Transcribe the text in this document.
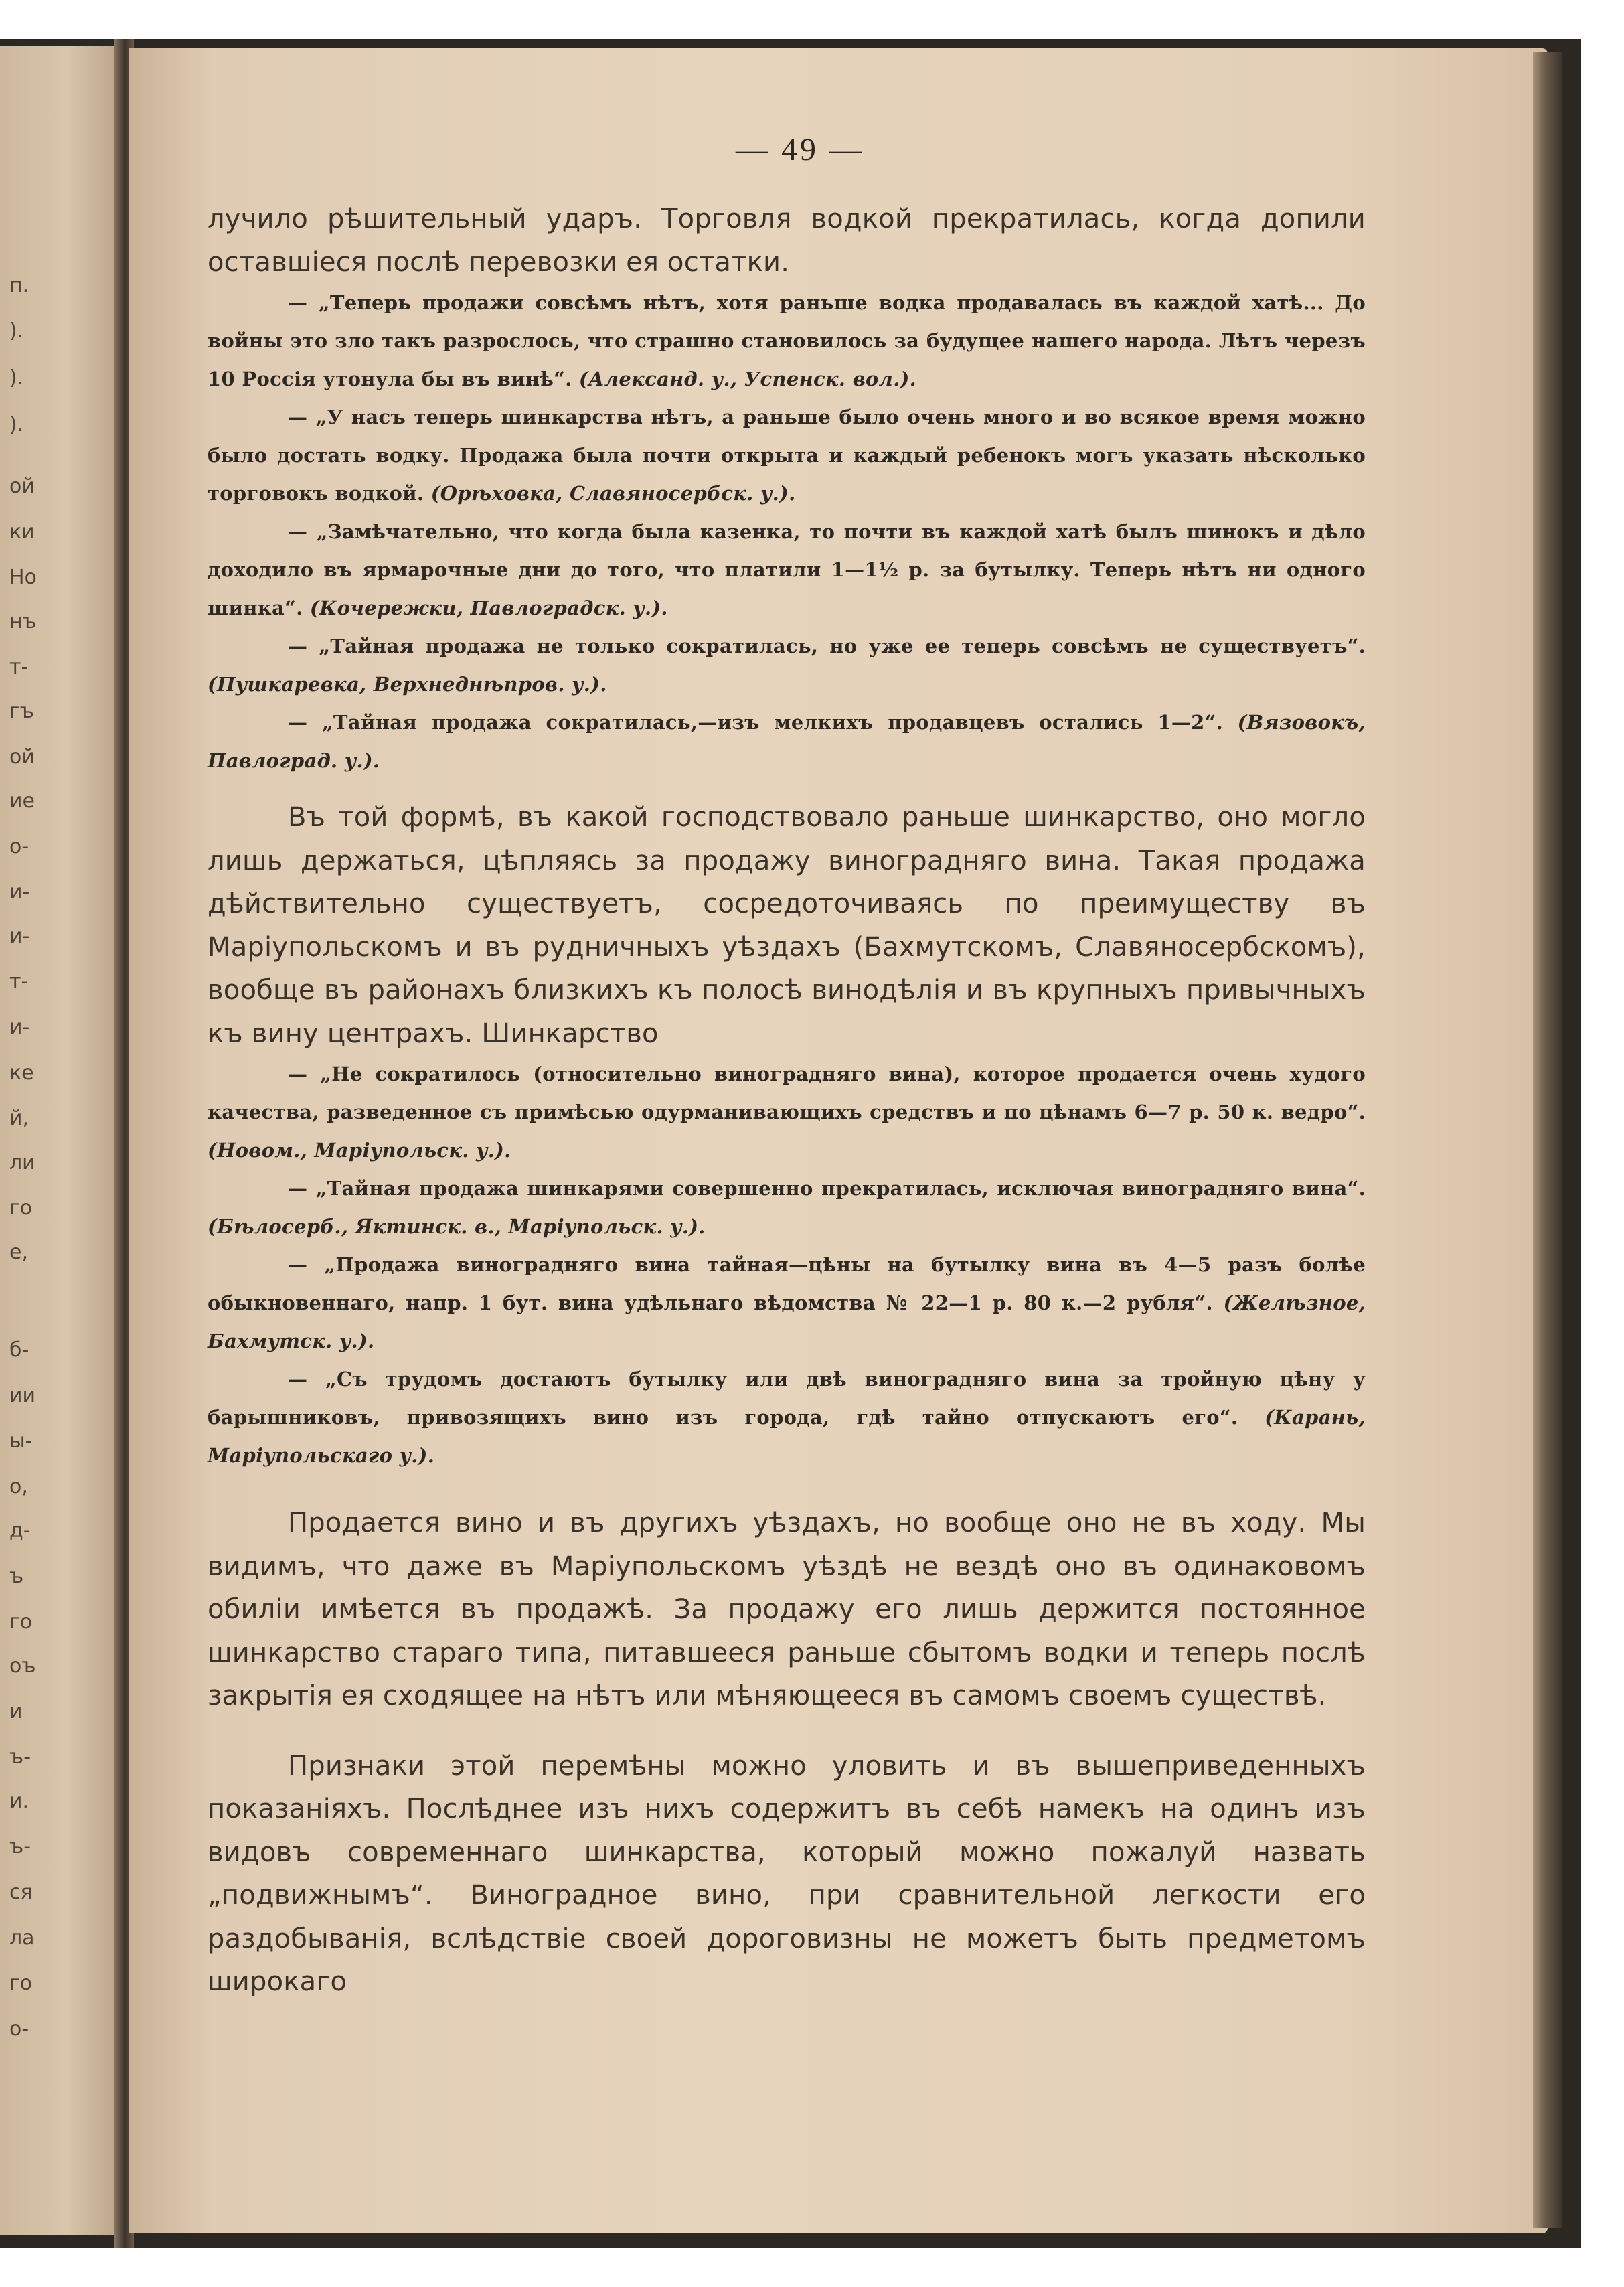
п.
).
).
).
ой
ки
Но
нъ
т-
гъ
ой
ие
о-
и-
и-
т-
и-
ке
й,
ли
го
е,
б-
ии
ы-
о,
д-
ъ
го
оъ
и
ъ-
и.
ъ-
ся
ла
го
о-
— 49 —

лучило рѣшительный ударъ. Торговля водкой прекратилась, когда допили оставшіеся послѣ перевозки ея остатки.

— „Теперь продажи совсѣмъ нѣтъ, хотя раньше водка продавалась въ каждой хатѣ... До войны это зло такъ разрослось, что страшно становилось за будущее нашего народа. Лѣтъ черезъ 10 Россія утонула бы въ винѣ“. (Александ. у., Успенск. вол.).

— „У насъ теперь шинкарства нѣтъ, а раньше было очень много и во всякое время можно было достать водку. Продажа была почти открыта и каждый ребенокъ могъ указать нѣсколько торговокъ водкой. (Орѣховка, Славяносербск. у.).

— „Замѣчательно, что когда была казенка, то почти въ каждой хатѣ былъ шинокъ и дѣло доходило въ ярмарочные дни до того, что платили 1—1½ р. за бутылку. Теперь нѣтъ ни одного шинка“. (Кочережки, Павлоградск. у.).

— „Тайная продажа не только сократилась, но уже ее теперь совсѣмъ не существуетъ“. (Пушкаревка, Верхнеднѣпров. у.).

— „Тайная продажа сократилась,—изъ мелкихъ продавцевъ остались 1—2“. (Вязовокъ, Павлоград. у.).

Въ той формѣ, въ какой господствовало раньше шинкарство, оно могло лишь держаться, цѣпляясь за продажу виноградняго вина. Такая продажа дѣйствительно существуетъ, сосредоточиваясь по преимуществу въ Маріупольскомъ и въ рудничныхъ уѣздахъ (Бахмутскомъ, Славяносербскомъ), вообще въ районахъ близкихъ къ полосѣ винодѣлія и въ крупныхъ привычныхъ къ вину центрахъ. Шинкарство

— „Не сократилось (относительно виноградняго вина), которое продается очень худого качества, разведенное съ примѣсью одурманивающихъ средствъ и по цѣнамъ 6—7 р. 50 к. ведро“. (Новом., Маріупольск. у.).

— „Тайная продажа шинкарями совершенно прекратилась, исключая виноградняго вина“. (Бѣлосерб., Яктинск. в., Маріупольск. у.).

— „Продажа виноградняго вина тайная—цѣны на бутылку вина въ 4—5 разъ болѣе обыкновеннаго, напр. 1 бут. вина удѣльнаго вѣдомства № 22—1 р. 80 к.—2 рубля“. (Желѣзное, Бахмутск. у.).

— „Съ трудомъ достаютъ бутылку или двѣ виноградняго вина за тройную цѣну у барышниковъ, привозящихъ вино изъ города, гдѣ тайно отпускаютъ его“. (Карань, Маріупольскаго у.).

Продается вино и въ другихъ уѣздахъ, но вообще оно не въ ходу. Мы видимъ, что даже въ Маріупольскомъ уѣздѣ не вездѣ оно въ одинаковомъ обиліи имѣется въ продажѣ. За продажу его лишь держится постоянное шинкарство стараго типа, питавшееся раньше сбытомъ водки и теперь послѣ закрытія ея сходящее на нѣтъ или мѣняющееся въ самомъ своемъ существѣ.

Признаки этой перемѣны можно уловить и въ вышеприведенныхъ показаніяхъ. Послѣднее изъ нихъ содержитъ въ себѣ намекъ на одинъ изъ видовъ современнаго шинкарства, который можно пожалуй назвать „подвижнымъ“. Виноградное вино, при сравнительной легкости его раздобыванія, вслѣдствіе своей дороговизны не можетъ быть предметомъ широкаго
